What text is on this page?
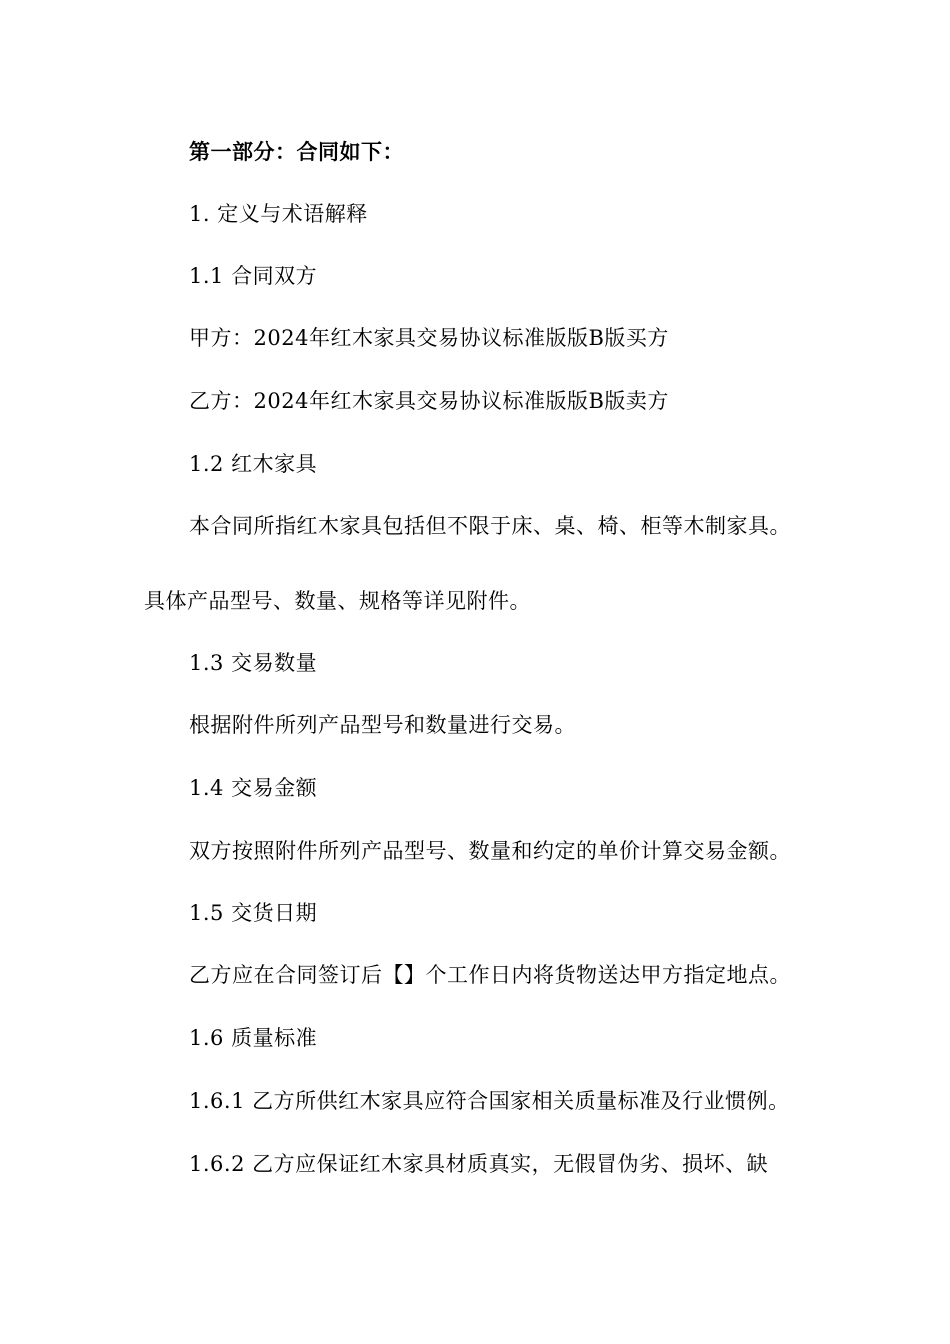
第一部分：合同如下：
1. 定义与术语解释
1.1 合同双方
甲方：2024年红木家具交易协议标准版版B版买方
乙方：2024年红木家具交易协议标准版版B版卖方
1.2 红木家具
本合同所指红木家具包括但不限于床、桌、椅、柜等木制家具。
具体产品型号、数量、规格等详见附件。
1.3 交易数量
根据附件所列产品型号和数量进行交易。
1.4 交易金额
双方按照附件所列产品型号、数量和约定的单价计算交易金额。
1.5 交货日期
乙方应在合同签订后【】个工作日内将货物送达甲方指定地点。
1.6 质量标准
1.6.1 乙方所供红木家具应符合国家相关质量标准及行业惯例。
1.6.2 乙方应保证红木家具材质真实，无假冒伪劣、损坏、缺
